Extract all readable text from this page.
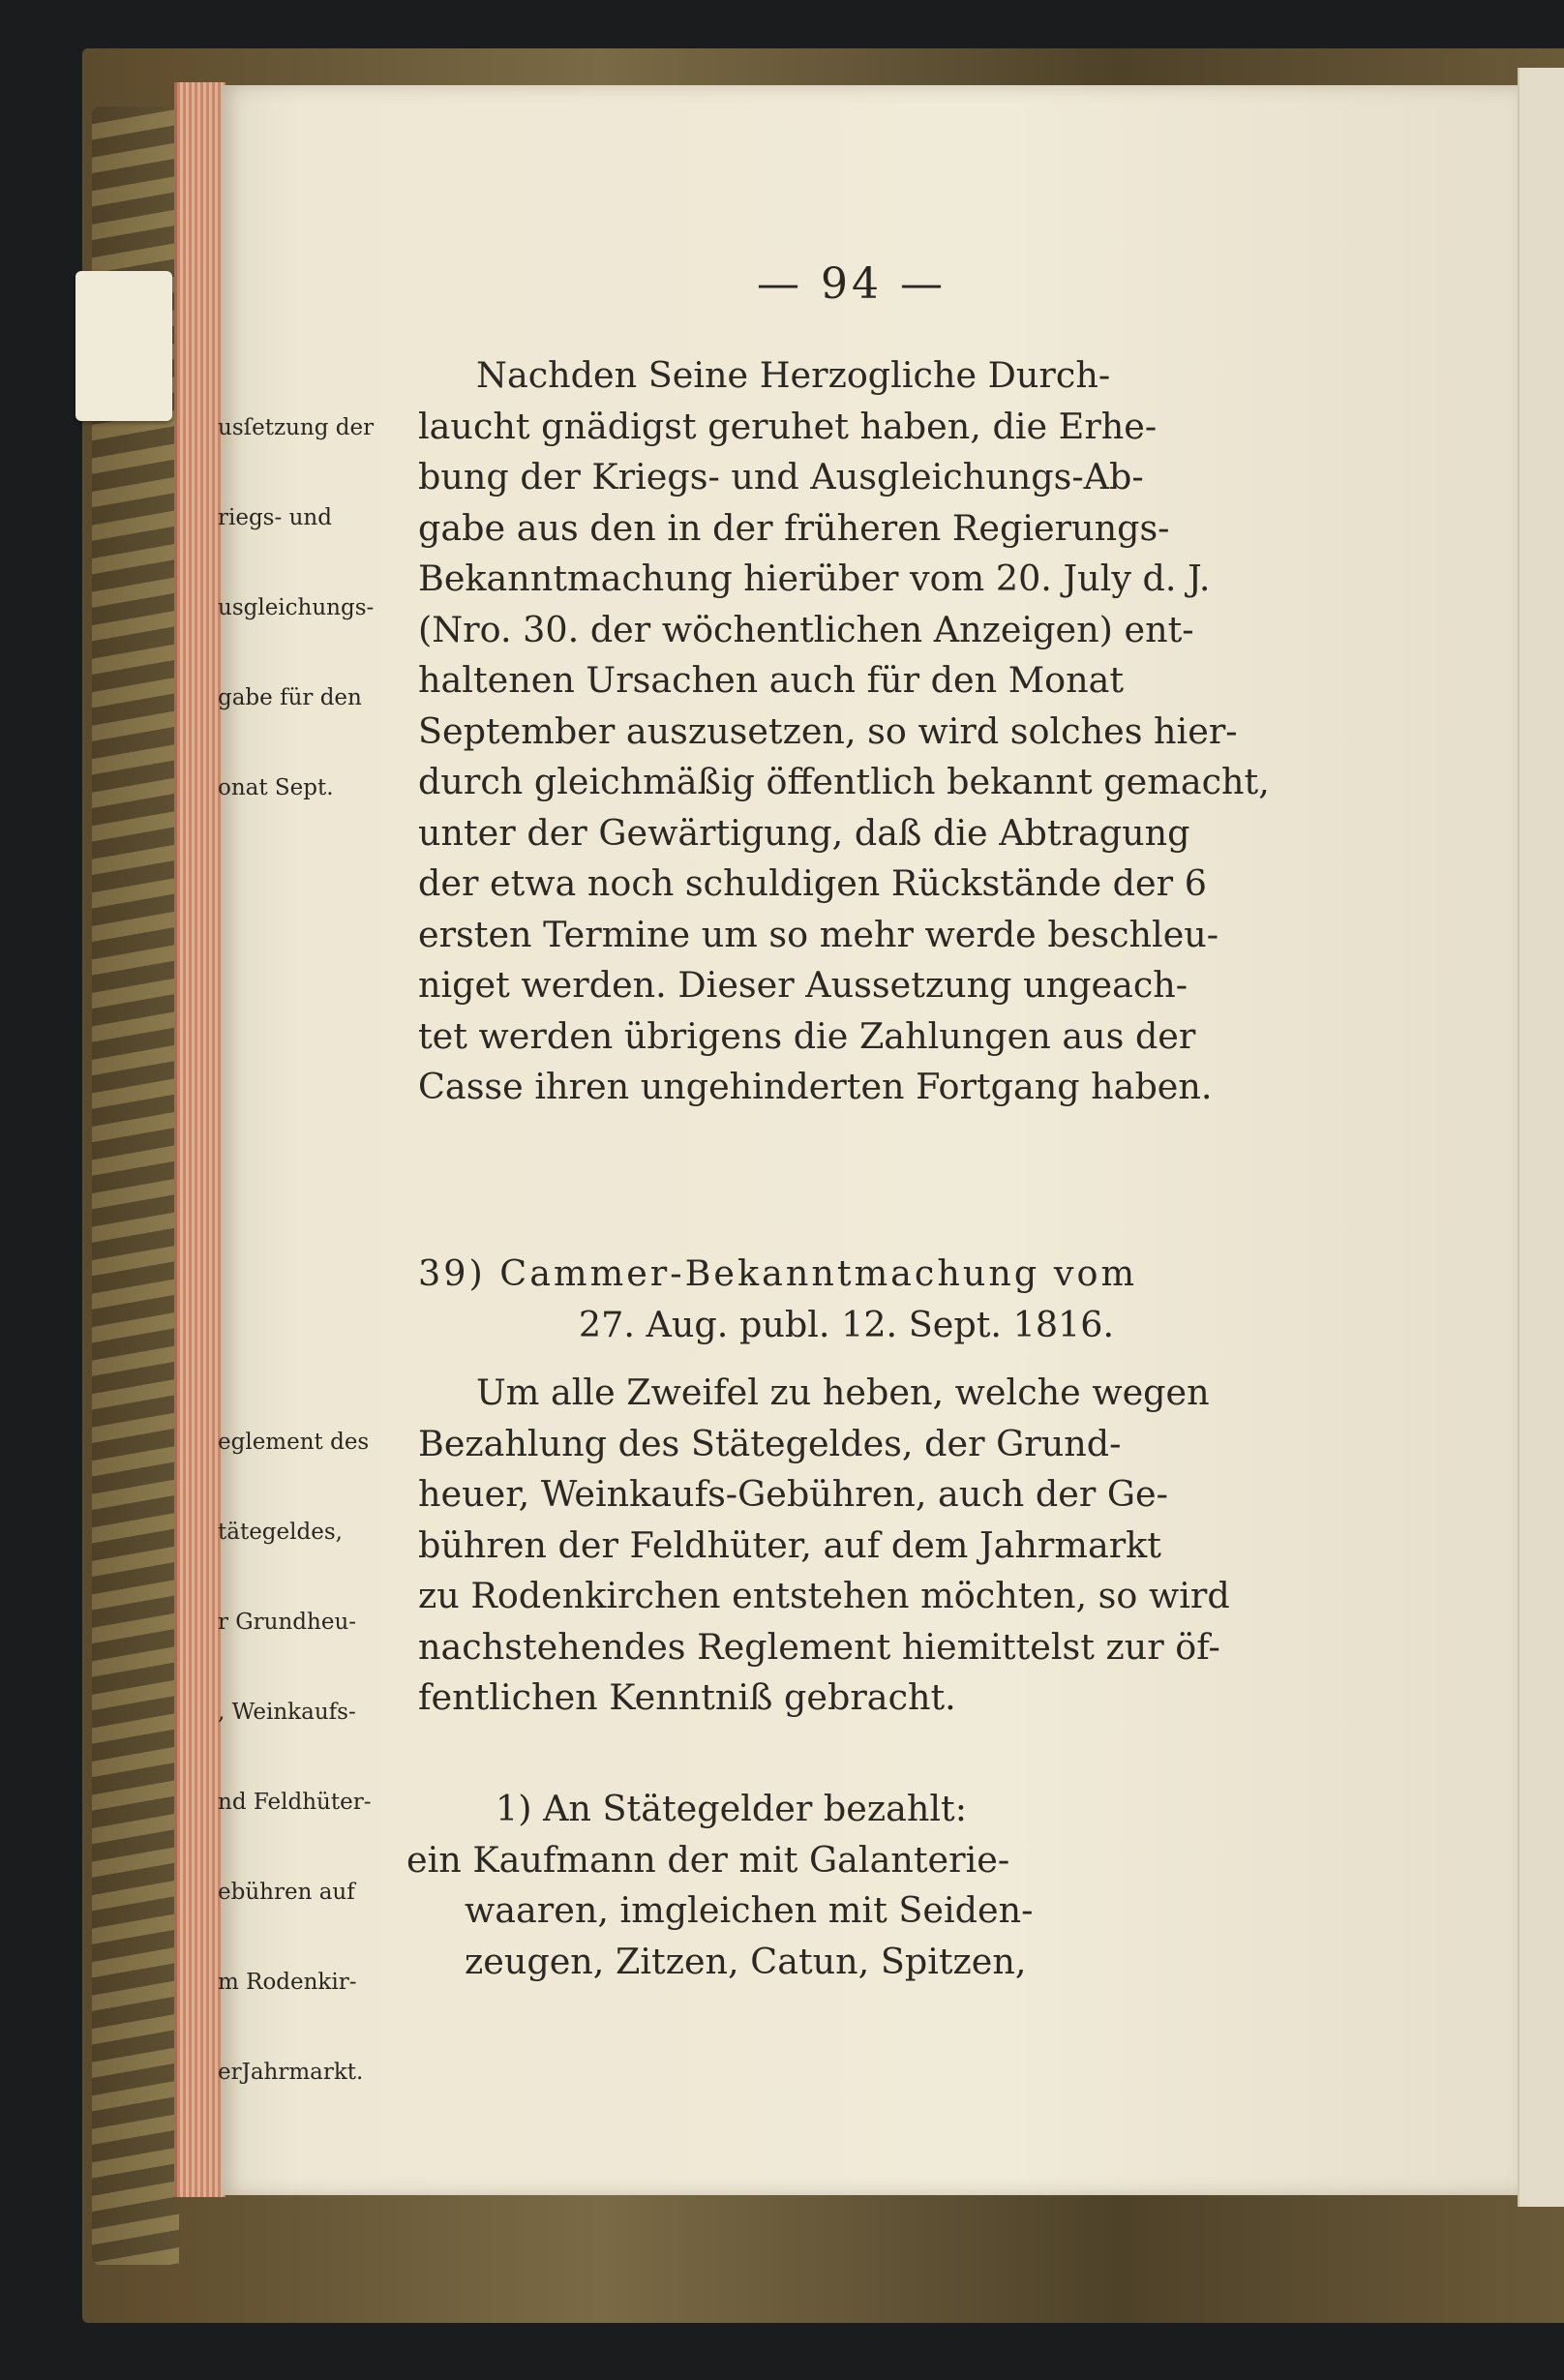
— 94 —

usſetzung der

riegs- und

usgleichungs-

gabe für den

onat Sept.

eglement des

tätegeldes,

r Grundheu-

, Weinkaufs-

nd Feldhüter-

ebühren auf

m Rodenkir-

erJahrmarkt.

Nachden Seine Herzogliche Durch-
laucht gnädigst geruhet haben, die Erhe-
bung der Kriegs- und Ausgleichungs-Ab-
gabe aus den in der früheren Regierungs-
Bekanntmachung hierüber vom 20. July d. J.
(Nro. 30. der wöchentlichen Anzeigen) ent-
haltenen Ursachen auch für den Monat
September auszusetzen, so wird solches hier-
durch gleichmäßig öffentlich bekannt gemacht,
unter der Gewärtigung, daß die Abtragung
der etwa noch schuldigen Rückstände der 6
ersten Termine um so mehr werde beschleu-
niget werden. Dieser Aussetzung ungeach-
tet werden übrigens die Zahlungen aus der
Casse ihren ungehinderten Fortgang haben.
39) Cammer-Bekanntmachung vom
27. Aug. publ. 12. Sept. 1816.
Um alle Zweifel zu heben, welche wegen
Bezahlung des Stätegeldes, der Grund-
heuer, Weinkaufs-Gebühren, auch der Ge-
bühren der Feldhüter, auf dem Jahrmarkt
zu Rodenkirchen entstehen möchten, so wird
nachstehendes Reglement hiemittelst zur öf-
fentlichen Kenntniß gebracht.
1) An Stätegelder bezahlt:
ein Kaufmann der mit Galanterie-
waaren, imgleichen mit Seiden-
zeugen, Zitzen, Catun, Spitzen,
